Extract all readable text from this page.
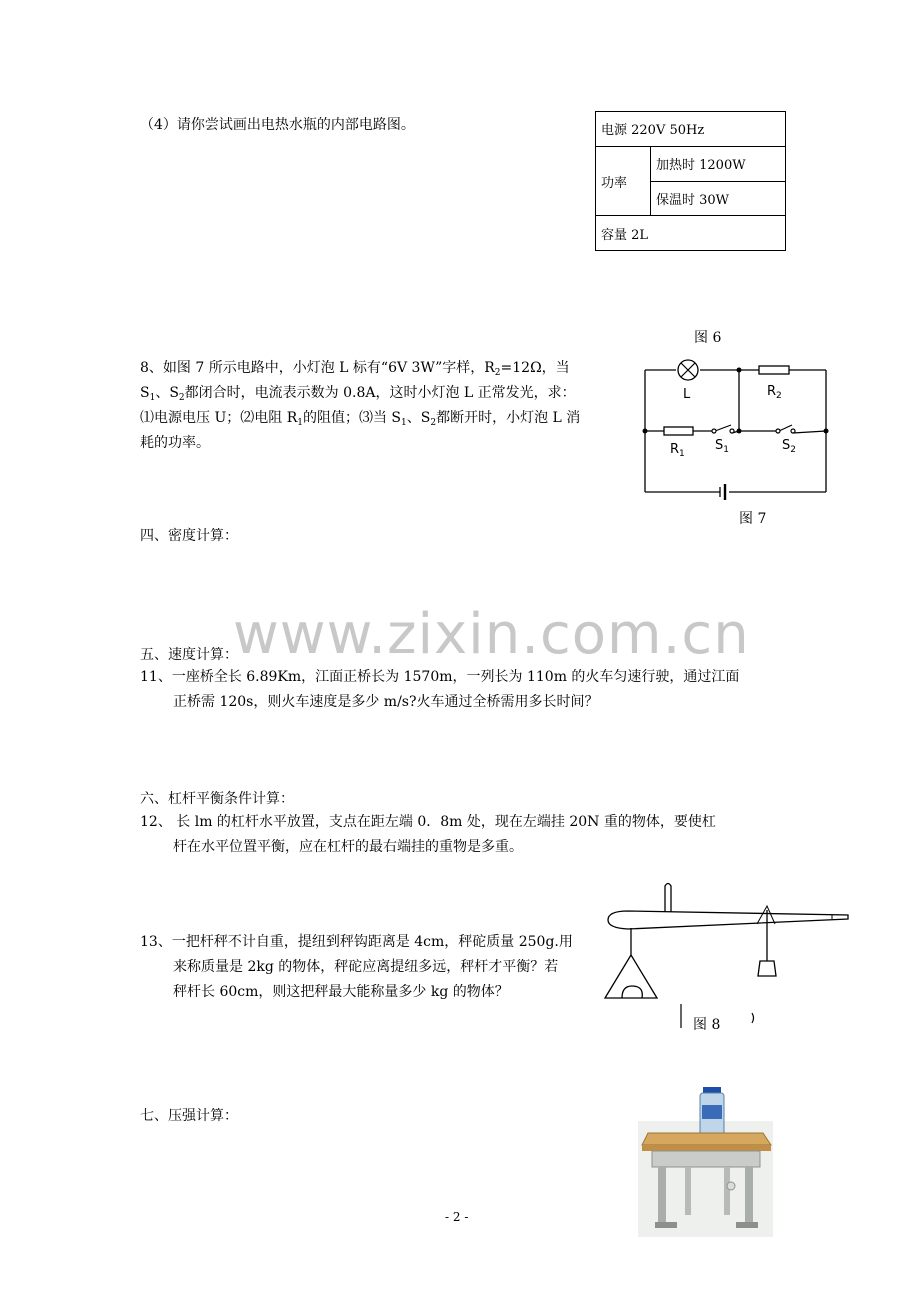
（4）请你尝试画出电热水瓶的内部电路图。	电源 220V 50Hz
功率	加热时 1200W
保温时 30W
容量 2L
图 6
8、如图 7 所示电路中，小灯泡 L 标有“6V 3W”字样，$R_2=12\Omega$，当
$S_1$、$S_2$都闭合时，电流表示数为 0.8A，这时小灯泡 L 正常发光，求：
⑴电源电压 U；⑵电阻 $R_1$的阻值；⑶当 $S_1$、$S_2$都断开时，小灯泡 L 消
耗的功率。
L	$R_2$
$R_1$
$S_1$	$S_2$
图 7
四、密度计算：
www.zixin.com.cn
五、速度计算：
11、一座桥全长 6.89Km，江面正桥长为 1570m，一列长为 110m 的火车匀速行驶，通过江面
正桥需 120s，则火车速度是多少 m/s?火车通过全桥需用多长时间？
六、杠杆平衡条件计算：
12、 长 lm 的杠杆水平放置，支点在距左端 0．8m 处，现在左端挂 20N 重的物体，要使杠
杆在水平位置平衡，应在杠杆的最右端挂的重物是多重。
13、一把杆秤不计自重，提纽到秤钩距离是 4cm，秤砣质量 250g.用
来称质量是 2kg 的物体，秤砣应离提纽多远，秤杆才平衡？若
秤杆长 60cm，则这把秤最大能称量多少 kg 的物体？
图 8
七、压强计算：
- 2 -
